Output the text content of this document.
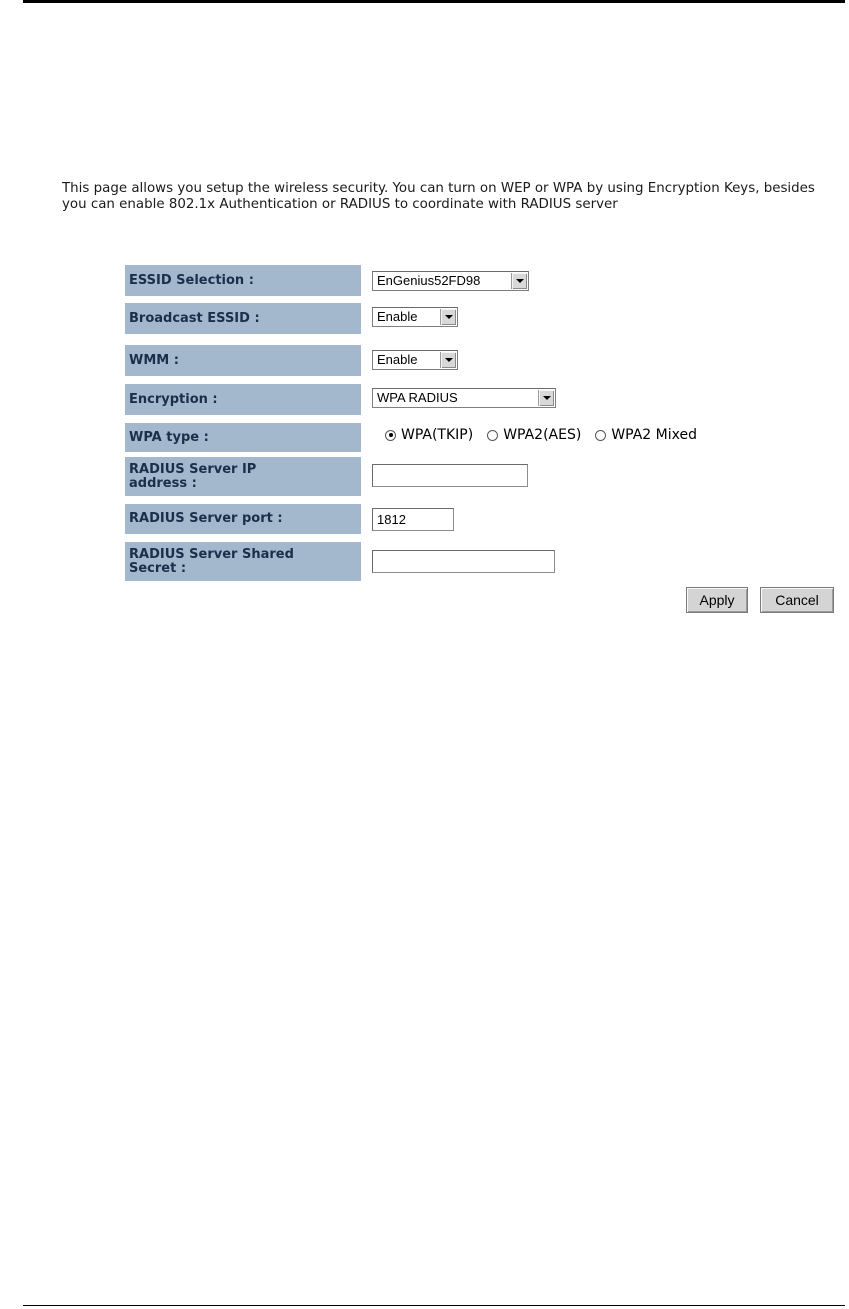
This page allows you setup the wireless security. You can turn on WEP or WPA by using Encryption Keys, besides you can enable 802.1x Authentication or RADIUS to coordinate with RADIUS server
ESSID Selection :	EnGenius52FD98
Broadcast ESSID :	Enable
WMM :	Enable
Encryption :	WPA RADIUS
WPA type :	WPA(TKIP) WPA2(AES) WPA2 Mixed
RADIUS Server IP
address :
RADIUS Server port :	1812
RADIUS Server Shared
Secret :
Apply	Cancel
